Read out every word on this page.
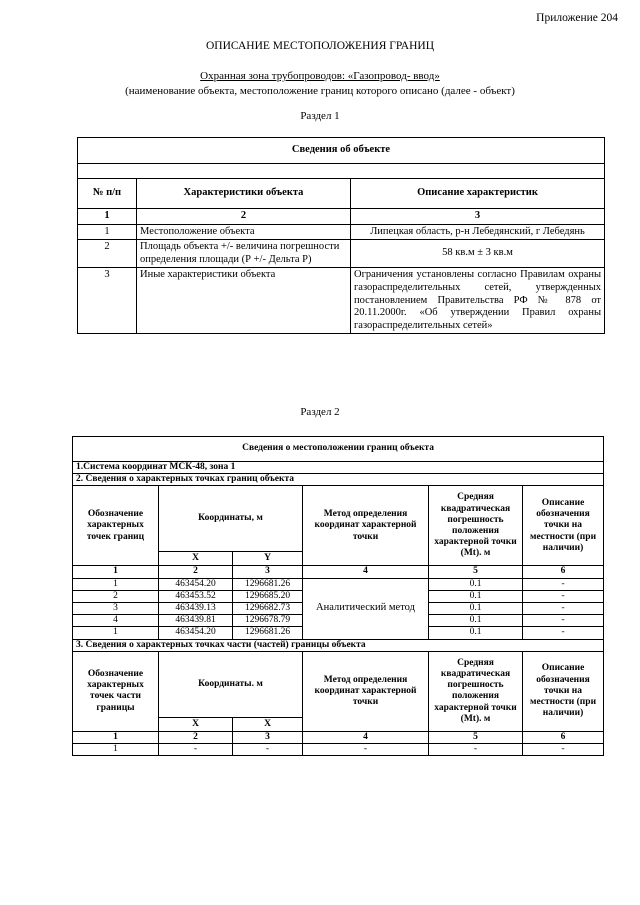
Приложение 204
ОПИСАНИЕ МЕСТОПОЛОЖЕНИЯ ГРАНИЦ
Охранная зона трубопроводов: «Газопровод- ввод»
(наименование объекта, местоположение границ которого описано (далее - объект)
Раздел 1
Сведения об объекте		

№ п/п	Характеристики объекта	Описание характеристик
1	2	3
1	Местоположение объекта	Липецкая область, р-н Лебедянский, г Лебедянь
2	Площадь объекта +/- величина погрешности определения площади (Р +/- Дельта Р)	58 кв.м ± 3 кв.м
3	Иные характеристики объекта	Ограничения установлены согласно Правилам охраны газораспределительных сетей, утвержденных постановлением Правительства РФ № 878 от 20.11.2000г. «Об утверждении Правил охраны газораспределительных сетей»
Раздел 2
Сведения о местоположении границ объекта					
1.Система координат МСК-48, зона 1					
2. Сведения о характерных точках границ объекта					
Обозначение характерных точек границ	Координаты, м		Метод определения координат характерной точки	Средняя квадратическая погрешность положения характерной точки (Mt). м	Описание обозначения точки на местности (при наличии)
	X	Y			
1	2	3	4	5	6
1	463454.20	1296681.26	Аналитический метод	0.1	-
2	463453.52	1296685.20		0.1	-
3	463439.13	1296682.73		0.1	-
4	463439.81	1296678.79		0.1	-
1	463454.20	1296681.26		0.1	-
3. Сведения о характерных точках части (частей) границы объекта					
Обозначение характерных точек части границы	Координаты. м		Метод определения координат характерной точки	Средняя квадратическая погрешность положения характерной точки (Mt). м	Описание обозначения точки на местности (при наличии)
	X	X			
1	2	3	4	5	6
1	-	-	-	-	-
